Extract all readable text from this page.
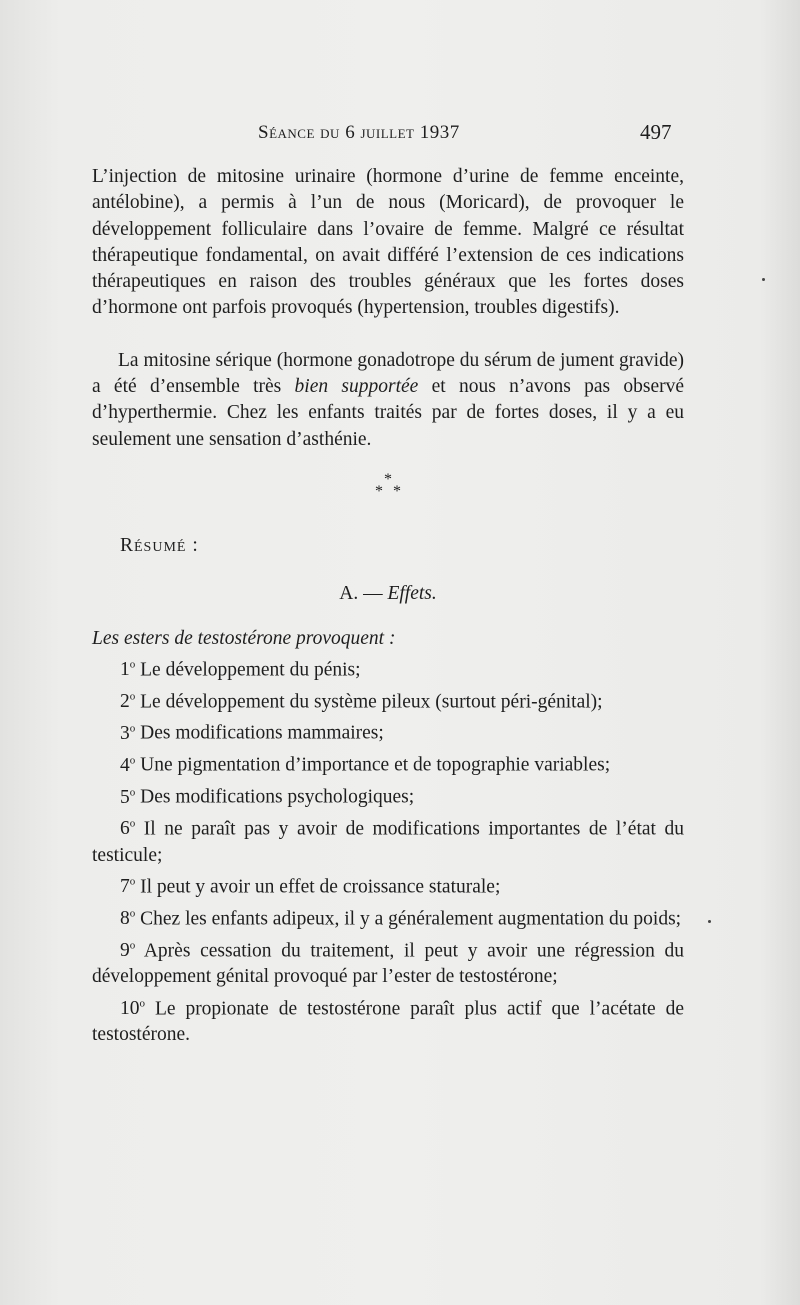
Séance du 6 juillet 1937	497

L’injection de mitosine urinaire (hormone d’urine de femme enceinte, antélobine), a permis à l’un de nous (Moricard), de provoquer le développement folliculaire dans l’ovaire de femme. Malgré ce résultat thérapeutique fondamental, on avait différé l’extension de ces indications thérapeutiques en raison des troubles généraux que les fortes doses d’hormone ont parfois provoqués (hypertension, troubles digestifs).

La mitosine sérique (hormone gonadotrope du sérum de jument gravide) a été d’ensemble très bien supportée et nous n’avons pas observé d’hyperthermie. Chez les enfants traités par de fortes doses, il y a eu seulement une sensation d’asthénie.

*
* *
Résumé :
A. — Effets.
Les esters de testostérone provoquent :
1$^o$ Le développement du pénis;
2$^o$ Le développement du système pileux (surtout péri-génital);
3$^o$ Des modifications mammaires;
4$^o$ Une pigmentation d’importance et de topographie variables;
5$^o$ Des modifications psychologiques;
6$^o$ Il ne paraît pas y avoir de modifications importantes de l’état du testicule;
7$^o$ Il peut y avoir un effet de croissance staturale;
8$^o$ Chez les enfants adipeux, il y a généralement augmentation du poids;
9$^o$ Après cessation du traitement, il peut y avoir une régression du développement génital provoqué par l’ester de testostérone;
10$^o$ Le propionate de testostérone paraît plus actif que l’acétate de testostérone.
